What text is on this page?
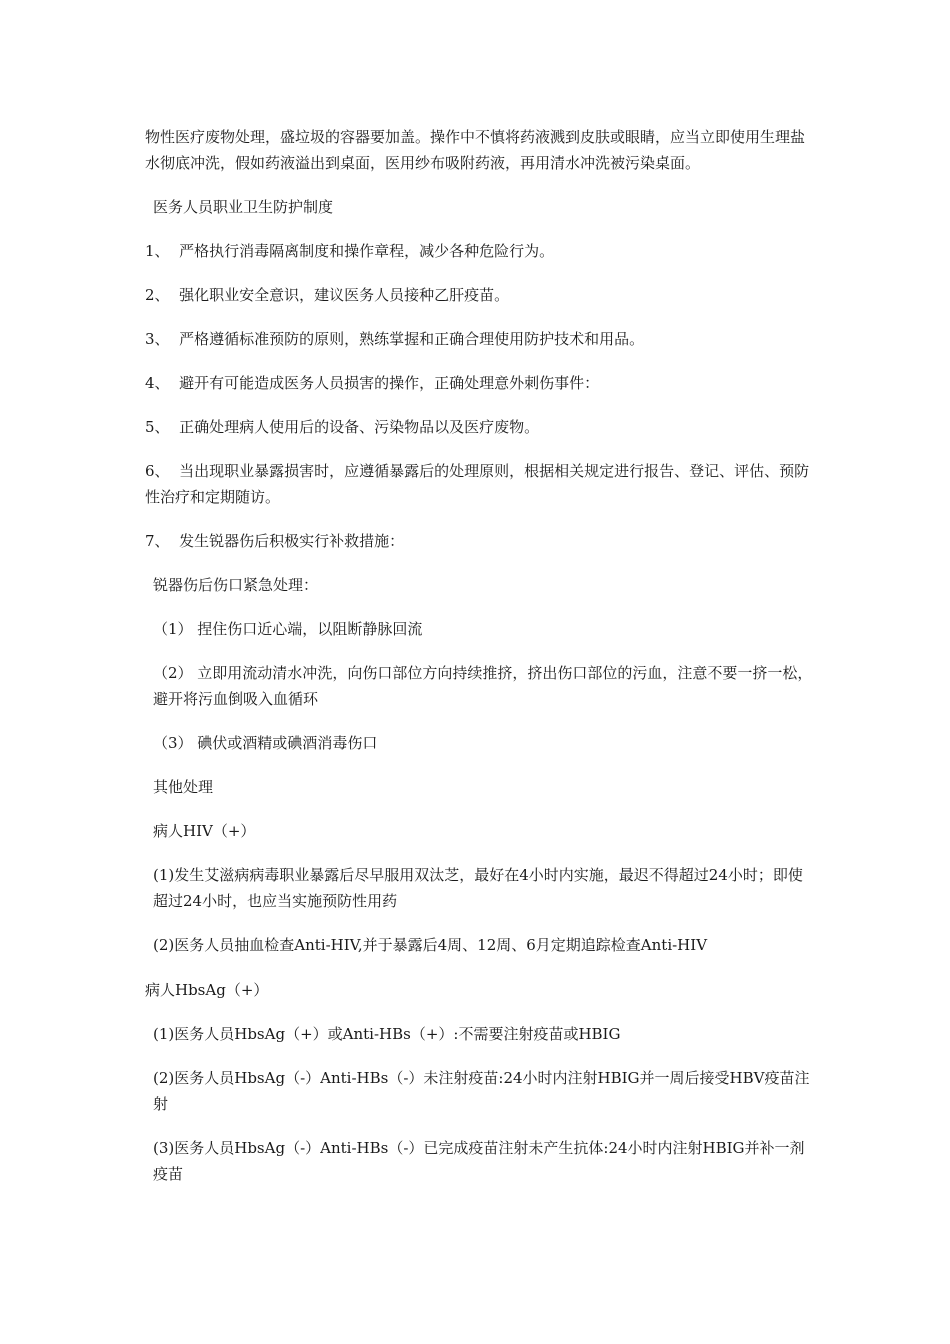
物性医疗废物处理，盛垃圾的容器要加盖。操作中不慎将药液溅到皮肤或眼睛，应当立即使用生理盐水彻底冲洗，假如药液溢出到桌面，医用纱布吸附药液，再用清水冲洗被污染桌面。

医务人员职业卫生防护制度

1、  严格执行消毒隔离制度和操作章程，减少各种危险行为。

2、  强化职业安全意识，建议医务人员接种乙肝疫苗。

3、  严格遵循标准预防的原则，熟练掌握和正确合理使用防护技术和用品。

4、  避开有可能造成医务人员损害的操作，正确处理意外刺伤事件：

5、  正确处理病人使用后的设备、污染物品以及医疗废物。

6、  当出现职业暴露损害时，应遵循暴露后的处理原则，根据相关规定进行报告、登记、评估、预防性治疗和定期随访。

7、  发生锐器伤后积极实行补救措施：

锐器伤后伤口紧急处理：

（1） 捏住伤口近心端，以阻断静脉回流

（2） 立即用流动清水冲洗，向伤口部位方向持续推挤，挤出伤口部位的污血，注意不要一挤一松，避开将污血倒吸入血循环

（3） 碘伏或酒精或碘酒消毒伤口

其他处理

病人HIV（+）

(1)发生艾滋病病毒职业暴露后尽早服用双汰芝，最好在4小时内实施，最迟不得超过24小时；即使超过24小时，也应当实施预防性用药

(2)医务人员抽血检查Anti-HIV,并于暴露后4周、12周、6月定期追踪检查Anti-HIV

病人HbsAg（+）

(1)医务人员HbsAg（+）或Anti-HBs（+）:不需要注射疫苗或HBIG

(2)医务人员HbsAg（-）Anti-HBs（-）未注射疫苗:24小时内注射HBIG并一周后接受HBV疫苗注射

(3)医务人员HbsAg（-）Anti-HBs（-）已完成疫苗注射未产生抗体:24小时内注射HBIG并补一剂疫苗
